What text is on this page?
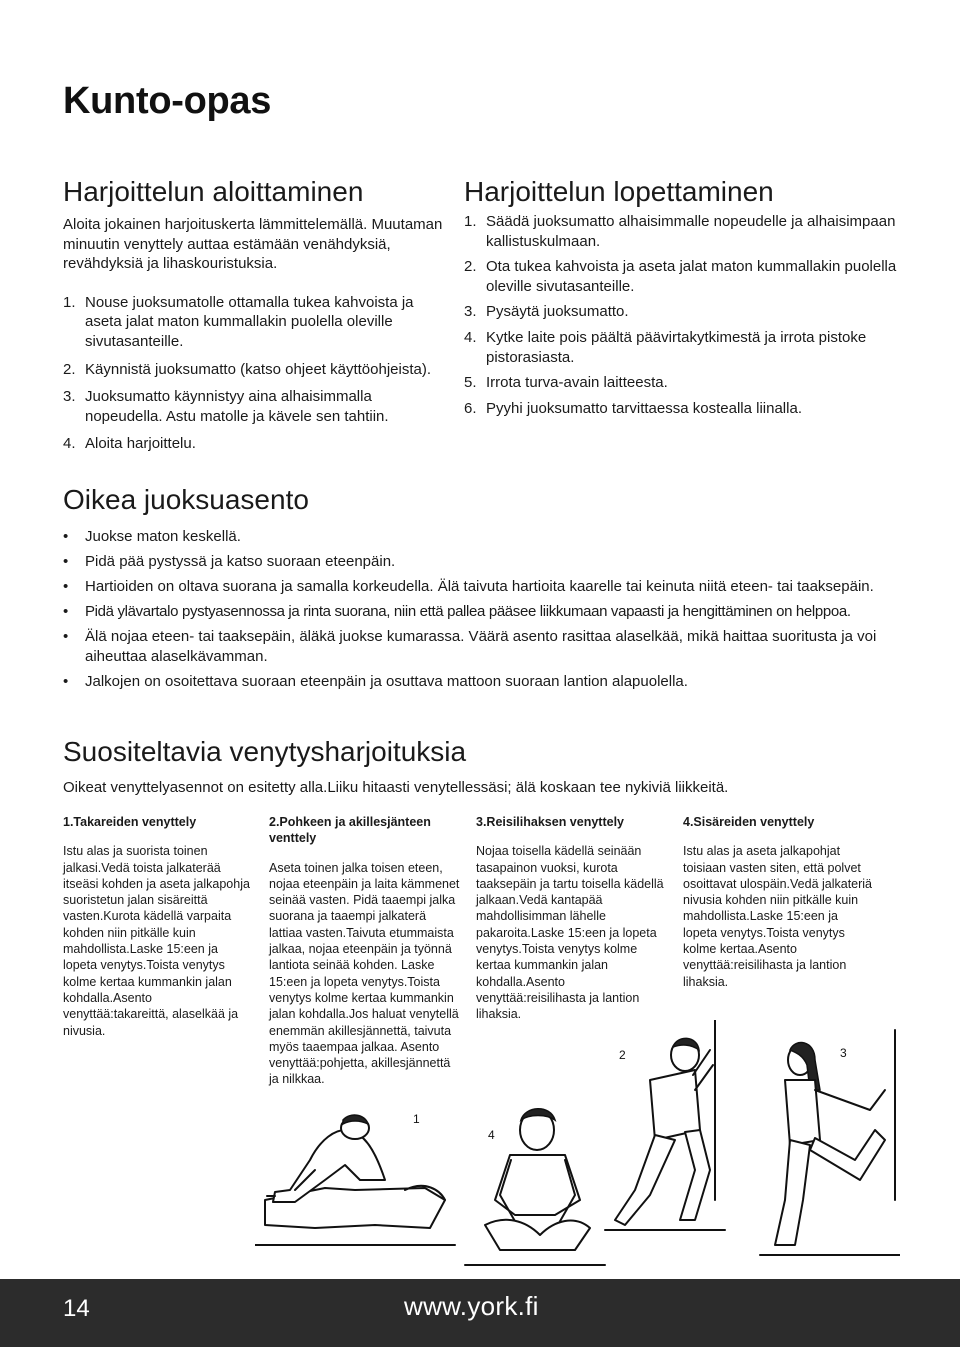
Kunto-opas
Harjoittelun aloittaminen

Aloita jokainen harjoituskerta lämmittelemällä. Muutaman minuutin venyttely auttaa estämään venähdyksiä, revähdyksiä ja lihaskouristuksia.

1. Nouse juoksumatolle ottamalla tukea kahvoista ja aseta jalat maton kummallakin puolella oleville sivutasanteille.
2. Käynnistä juoksumatto (katso ohjeet käyttöohjeista).
3. Juoksumatto käynnistyy aina alhaisimmalla nopeudella. Astu matolle ja kävele sen tahtiin.
4. Aloita harjoittelu.
Harjoittelun lopettaminen
1. Säädä juoksumatto alhaisimmalle nopeudelle ja alhaisimpaan kallistuskulmaan.
2. Ota tukea kahvoista ja aseta jalat maton kummallakin puolella oleville sivutasanteille.
3. Pysäytä juoksumatto.
4. Kytke laite pois päältä päävirtakytkimestä ja irrota pistoke pistorasiasta.
5. Irrota turva-avain laitteesta.
6. Pyyhi juoksumatto tarvittaessa kostealla liinalla.
Oikea juoksuasento
• Juokse maton keskellä.
• Pidä pää pystyssä ja katso suoraan eteenpäin.
• Hartioiden on oltava suorana ja samalla korkeudella. Älä taivuta hartioita kaarelle tai keinuta niitä eteen- tai taaksepäin.
• Pidä ylävartalo pystyasennossa ja rinta suorana, niin että pallea pääsee liikkumaan vapaasti ja hengittäminen on helppoa.
• Älä nojaa eteen- tai taaksepäin, äläkä juokse kumarassa. Väärä asento rasittaa alaselkää, mikä haittaa suoritusta ja voi aiheuttaa alaselkävamman.
• Jalkojen on osoitettava suoraan eteenpäin ja osuttava mattoon suoraan lantion alapuolella.
Suositeltavia venytysharjoituksia

Oikeat venyttelyasennot on esitetty alla.Liiku hitaasti venytellessäsi; älä koskaan tee nykiviä liikkeitä.

1.Takareiden venyttely

Istu alas ja suorista toinen jalkasi.Vedä toista jalkaterää itseäsi kohden ja aseta jalkapohja suoristetun jalan sisäreittä vasten.Kurota kädellä varpaita kohden niin pitkälle kuin mahdollista.Laske 15:een ja lopeta venytys.Toista venytys kolme kertaa kummankin jalan kohdalla.Asento venyttää:takareittä, alaselkää ja nivusia.

2.Pohkeen ja akillesjänteen venttely

Aseta toinen jalka toisen eteen, nojaa eteenpäin ja laita kämmenet seinää vasten. Pidä taaempi jalka suorana ja taaempi jalkaterä lattiaa vasten.Taivuta etummaista jalkaa, nojaa eteenpäin ja työnnä lantiota seinää kohden. Laske 15:een ja lopeta venytys.Toista venytys kolme kertaa kummankin jalan kohdalla.Jos haluat venytellä enemmän akillesjännettä, taivuta myös taaempaa jalkaa. Asento venyttää:pohjetta, akillesjännettä ja nilkkaa.

3.Reisilihaksen venyttely

Nojaa toisella kädellä seinään tasapainon vuoksi, kurota taaksepäin ja tartu toisella kädellä jalkaan.Vedä kantapää mahdollisimman lähelle pakaroita.Laske 15:een ja lopeta venytys.Toista venytys kolme kertaa kummankin jalan kohdalla.Asento venyttää:reisilihasta ja lantion lihaksia.

4.Sisäreiden venyttely

Istu alas ja aseta jalkapohjat toisiaan vasten siten, että polvet osoittavat ulospäin.Vedä jalkateriä nivusia kohden niin pitkälle kuin mahdollista.Laske 15:een ja lopeta venytys.Toista venytys kolme kertaa.Asento venyttää:reisilihasta ja lantion lihaksia.

1
2	3
4
14	www.york.fi
